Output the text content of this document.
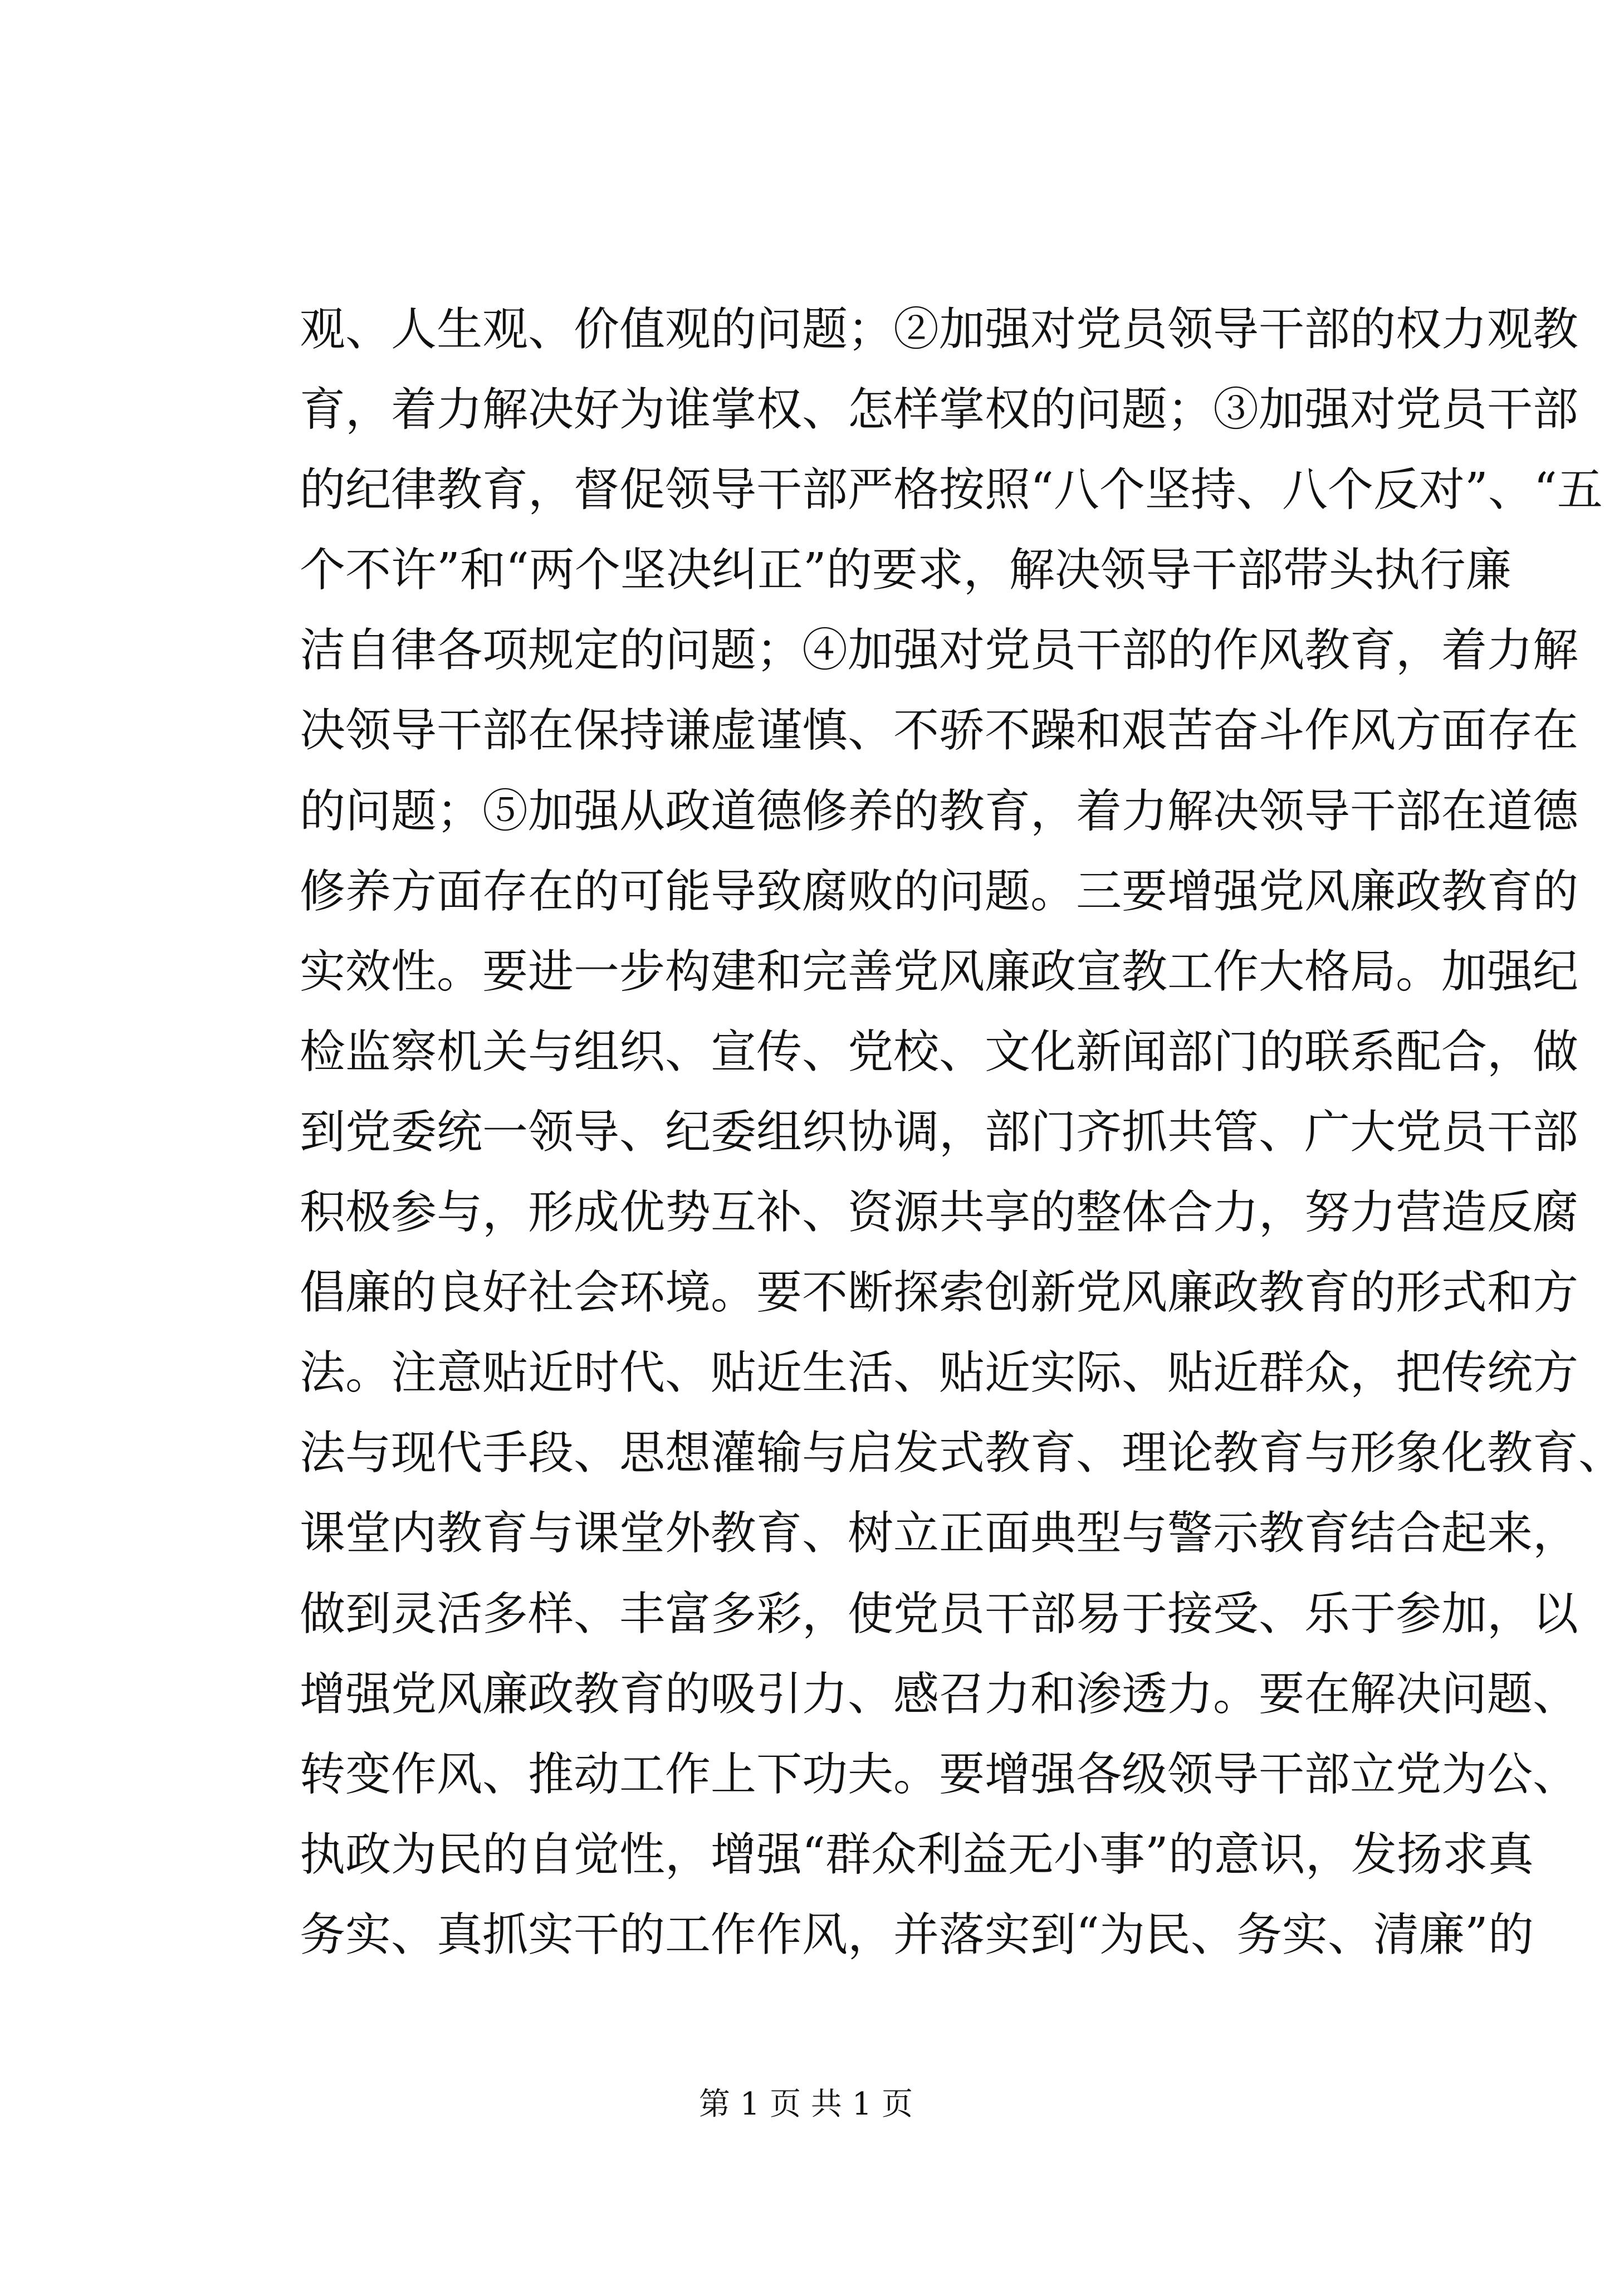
观、人生观、价值观的问题；②加强对党员领导干部的权力观教
育，着力解决好为谁掌权、怎样掌权的问题；③加强对党员干部
的纪律教育，督促领导干部严格按照“八个坚持、八个反对”、“五
个不许”和“两个坚决纠正”的要求，解决领导干部带头执行廉
洁自律各项规定的问题；④加强对党员干部的作风教育，着力解
决领导干部在保持谦虚谨慎、不骄不躁和艰苦奋斗作风方面存在
的问题；⑤加强从政道德修养的教育，着力解决领导干部在道德
修养方面存在的可能导致腐败的问题。三要增强党风廉政教育的
实效性。要进一步构建和完善党风廉政宣教工作大格局。加强纪
检监察机关与组织、宣传、党校、文化新闻部门的联系配合，做
到党委统一领导、纪委组织协调，部门齐抓共管、广大党员干部
积极参与，形成优势互补、资源共享的整体合力，努力营造反腐
倡廉的良好社会环境。要不断探索创新党风廉政教育的形式和方
法。注意贴近时代、贴近生活、贴近实际、贴近群众，把传统方
法与现代手段、思想灌输与启发式教育、理论教育与形象化教育、
课堂内教育与课堂外教育、树立正面典型与警示教育结合起来，
做到灵活多样、丰富多彩，使党员干部易于接受、乐于参加，以
增强党风廉政教育的吸引力、感召力和渗透力。要在解决问题、
转变作风、推动工作上下功夫。要增强各级领导干部立党为公、
执政为民的自觉性，增强“群众利益无小事”的意识，发扬求真
务实、真抓实干的工作作风，并落实到“为民、务实、清廉”的
第 1 页 共 1 页
